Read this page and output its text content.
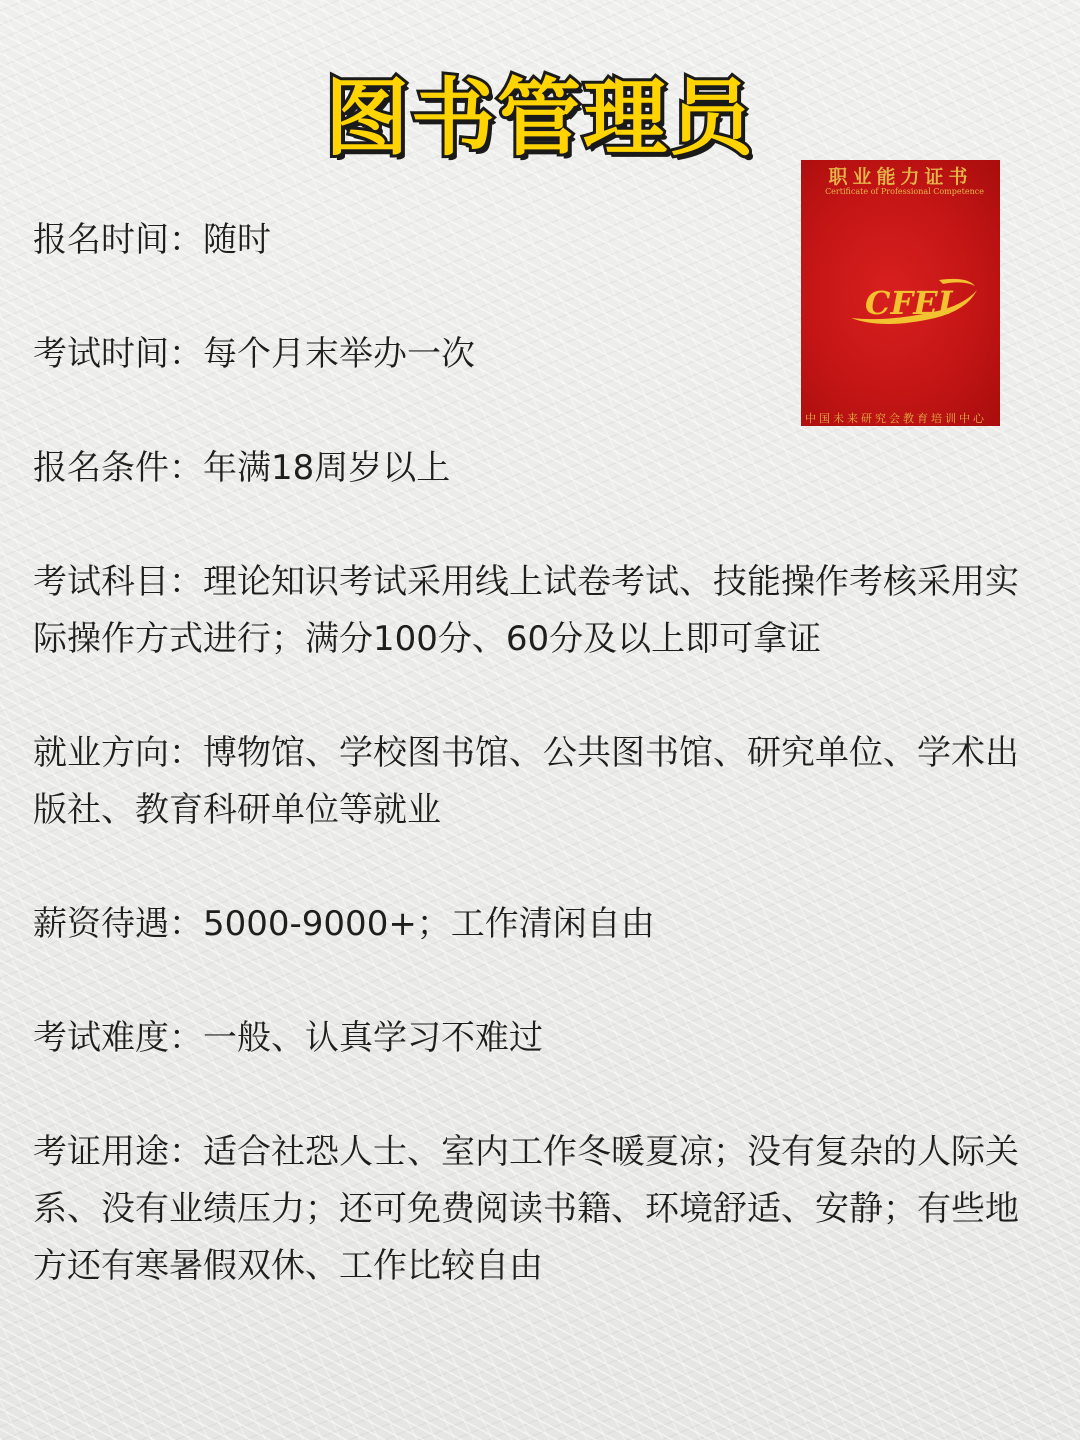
图书管理员
职业能力证书
Certificate of Professional Competence
CFEI
中国未来研究会教育培训中心
报名时间：随时
考试时间：每个月末举办一次
报名条件：年满18周岁以上
考试科目：理论知识考试采用线上试卷考试、技能操作考核采用实际操作方式进行；满分100分、60分及以上即可拿证
就业方向：博物馆、学校图书馆、公共图书馆、研究单位、学术出版社、教育科研单位等就业
薪资待遇：5000-9000+；工作清闲自由
考试难度：一般、认真学习不难过
考证用途：适合社恐人士、室内工作冬暖夏凉；没有复杂的人际关系、没有业绩压力；还可免费阅读书籍、环境舒适、安静；有些地方还有寒暑假双休、工作比较自由
